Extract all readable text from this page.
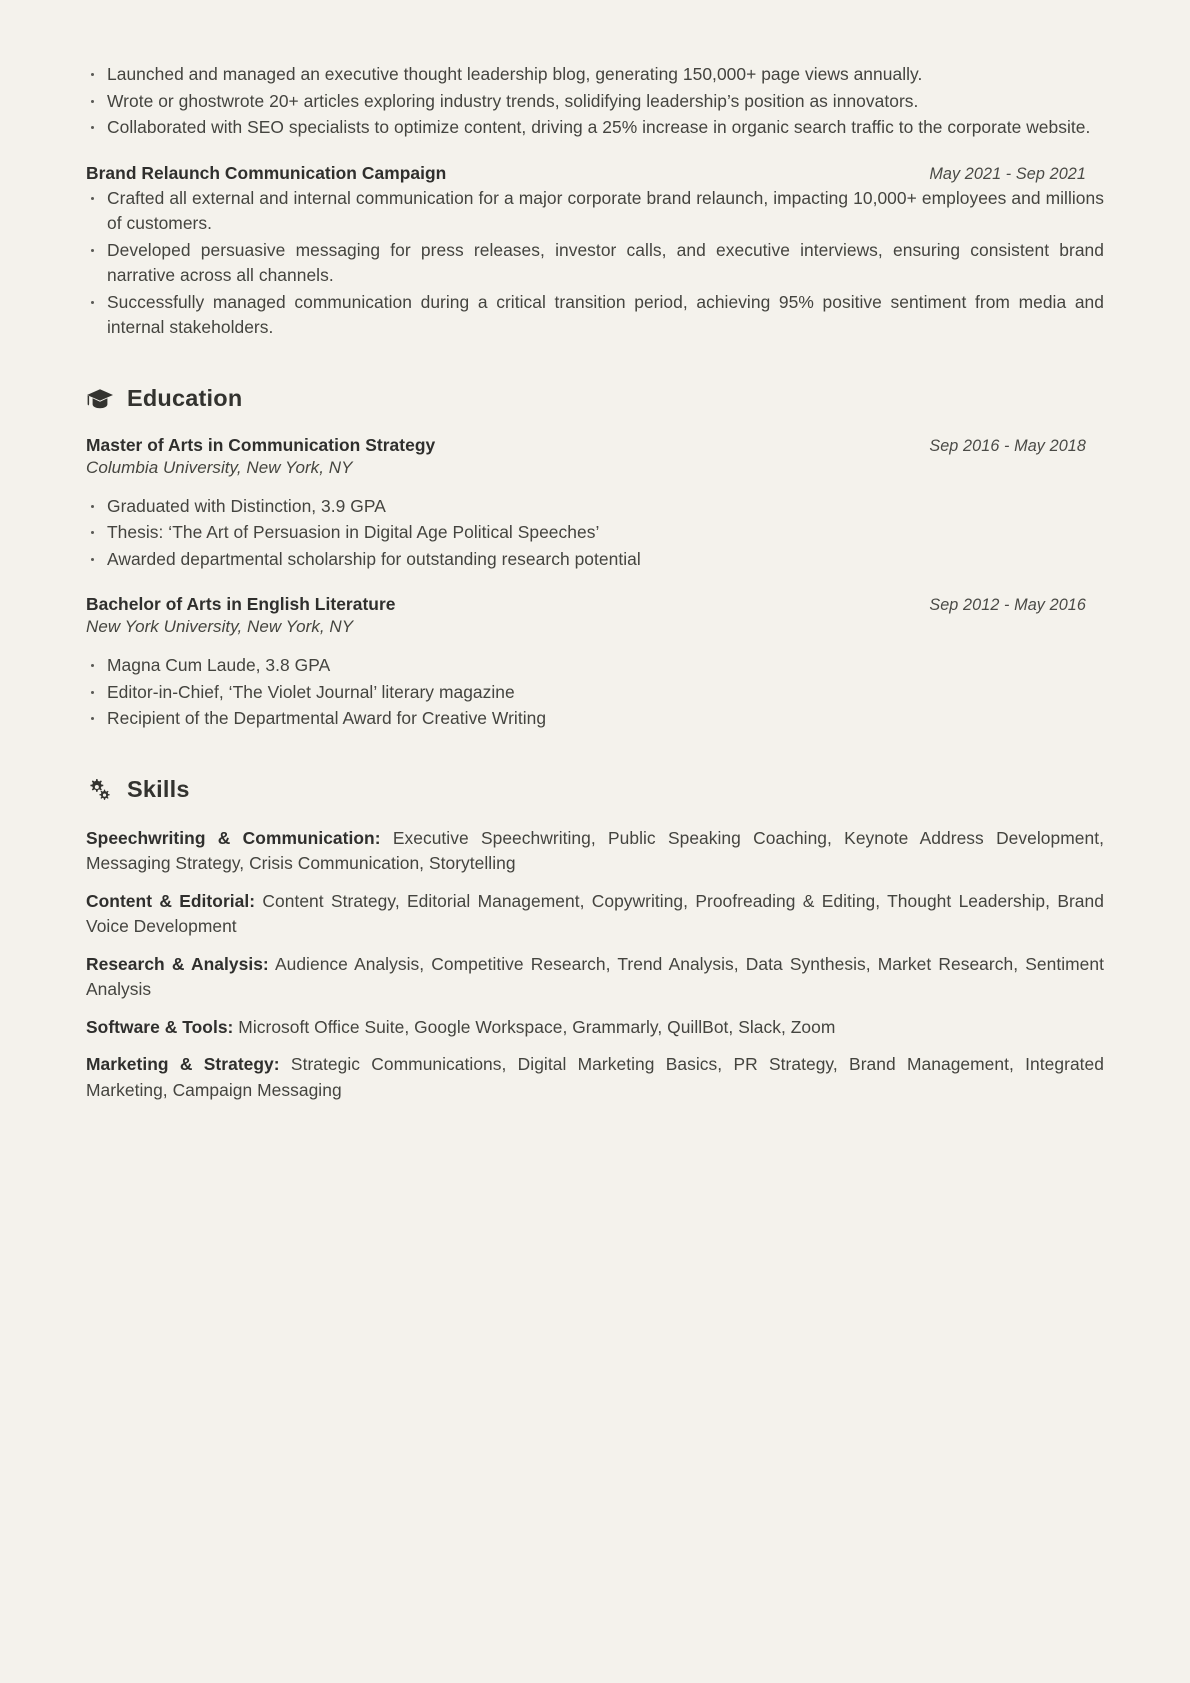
Launched and managed an executive thought leadership blog, generating 150,000+ page views annually.
Wrote or ghostwrote 20+ articles exploring industry trends, solidifying leadership’s position as innovators.
Collaborated with SEO specialists to optimize content, driving a 25% increase in organic search traffic to the corporate website.
Brand Relaunch Communication Campaign	May 2021 - Sep 2021
Crafted all external and internal communication for a major corporate brand relaunch, impacting 10,000+ employees and millions of customers.
Developed persuasive messaging for press releases, investor calls, and executive interviews, ensuring consistent brand narrative across all channels.
Successfully managed communication during a critical transition period, achieving 95% positive sentiment from media and internal stakeholders.
Education
Master of Arts in Communication Strategy	Sep 2016 - May 2018
Columbia University, New York, NY
Graduated with Distinction, 3.9 GPA
Thesis: ‘The Art of Persuasion in Digital Age Political Speeches’
Awarded departmental scholarship for outstanding research potential
Bachelor of Arts in English Literature	Sep 2012 - May 2016
New York University, New York, NY
Magna Cum Laude, 3.8 GPA
Editor-in-Chief, ‘The Violet Journal’ literary magazine
Recipient of the Departmental Award for Creative Writing
Skills
Speechwriting & Communication: Executive Speechwriting, Public Speaking Coaching, Keynote Address Development, Messaging Strategy, Crisis Communication, Storytelling
Content & Editorial: Content Strategy, Editorial Management, Copywriting, Proofreading & Editing, Thought Leadership, Brand Voice Development
Research & Analysis: Audience Analysis, Competitive Research, Trend Analysis, Data Synthesis, Market Research, Sentiment Analysis
Software & Tools: Microsoft Office Suite, Google Workspace, Grammarly, QuillBot, Slack, Zoom
Marketing & Strategy: Strategic Communications, Digital Marketing Basics, PR Strategy, Brand Management, Integrated Marketing, Campaign Messaging
